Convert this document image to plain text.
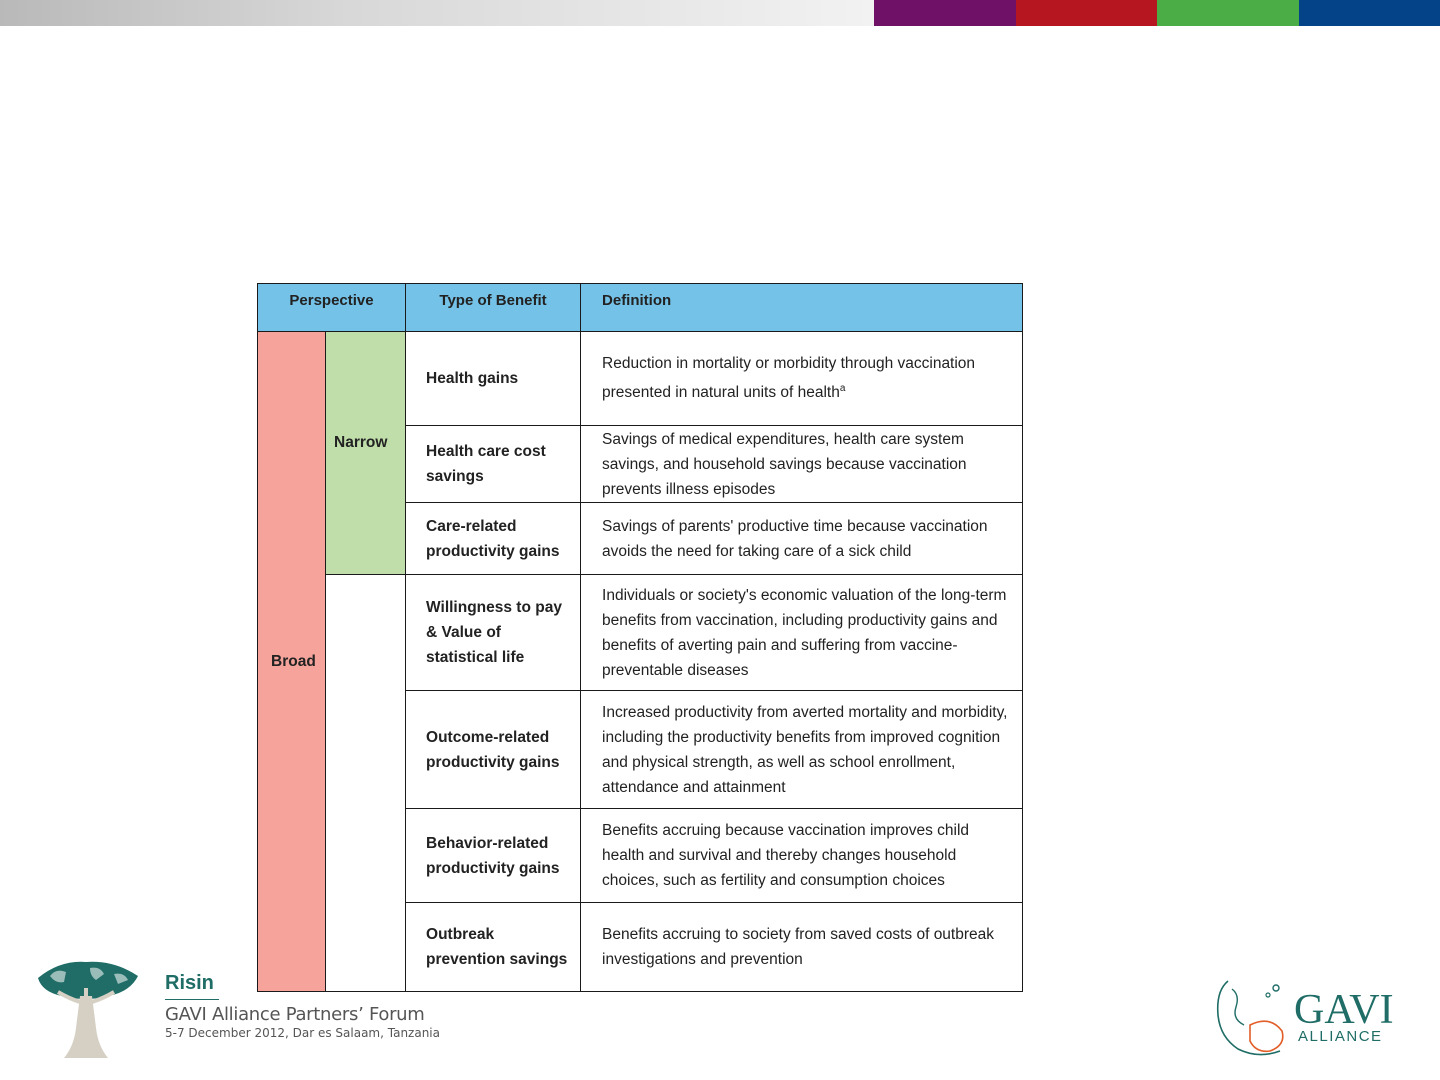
Perspective		Type of Benefit	Definition
Broad	Narrow	Health gains	Reduction in mortality or morbidity through vaccination presented in natural units of health$^a$
		Health care cost savings	Savings of medical expenditures, health care system savings, and household savings because vaccination prevents illness episodes
		Care-related productivity gains	Savings of parents' productive time because vaccination avoids the need for taking care of a sick child
		Willingness to pay & Value of statistical life	Individuals or society's economic valuation of the long-term benefits from vaccination, including productivity gains and benefits of averting pain and suffering from vaccine-preventable diseases
		Outcome-related productivity gains	Increased productivity from averted mortality and morbidity, including the productivity benefits from improved cognition and physical strength, as well as school enrollment, attendance and attainment
		Behavior-related productivity gains	Benefits accruing because vaccination improves child health and survival and thereby changes household choices, such as fertility and consumption choices
		Outbreak prevention savings	Benefits accruing to society from saved costs of outbreak investigations and prevention
Risin
GAVI Alliance Partners’ Forum
5-7 December 2012, Dar es Salaam, Tanzania	GAVI
ALLIANCE
